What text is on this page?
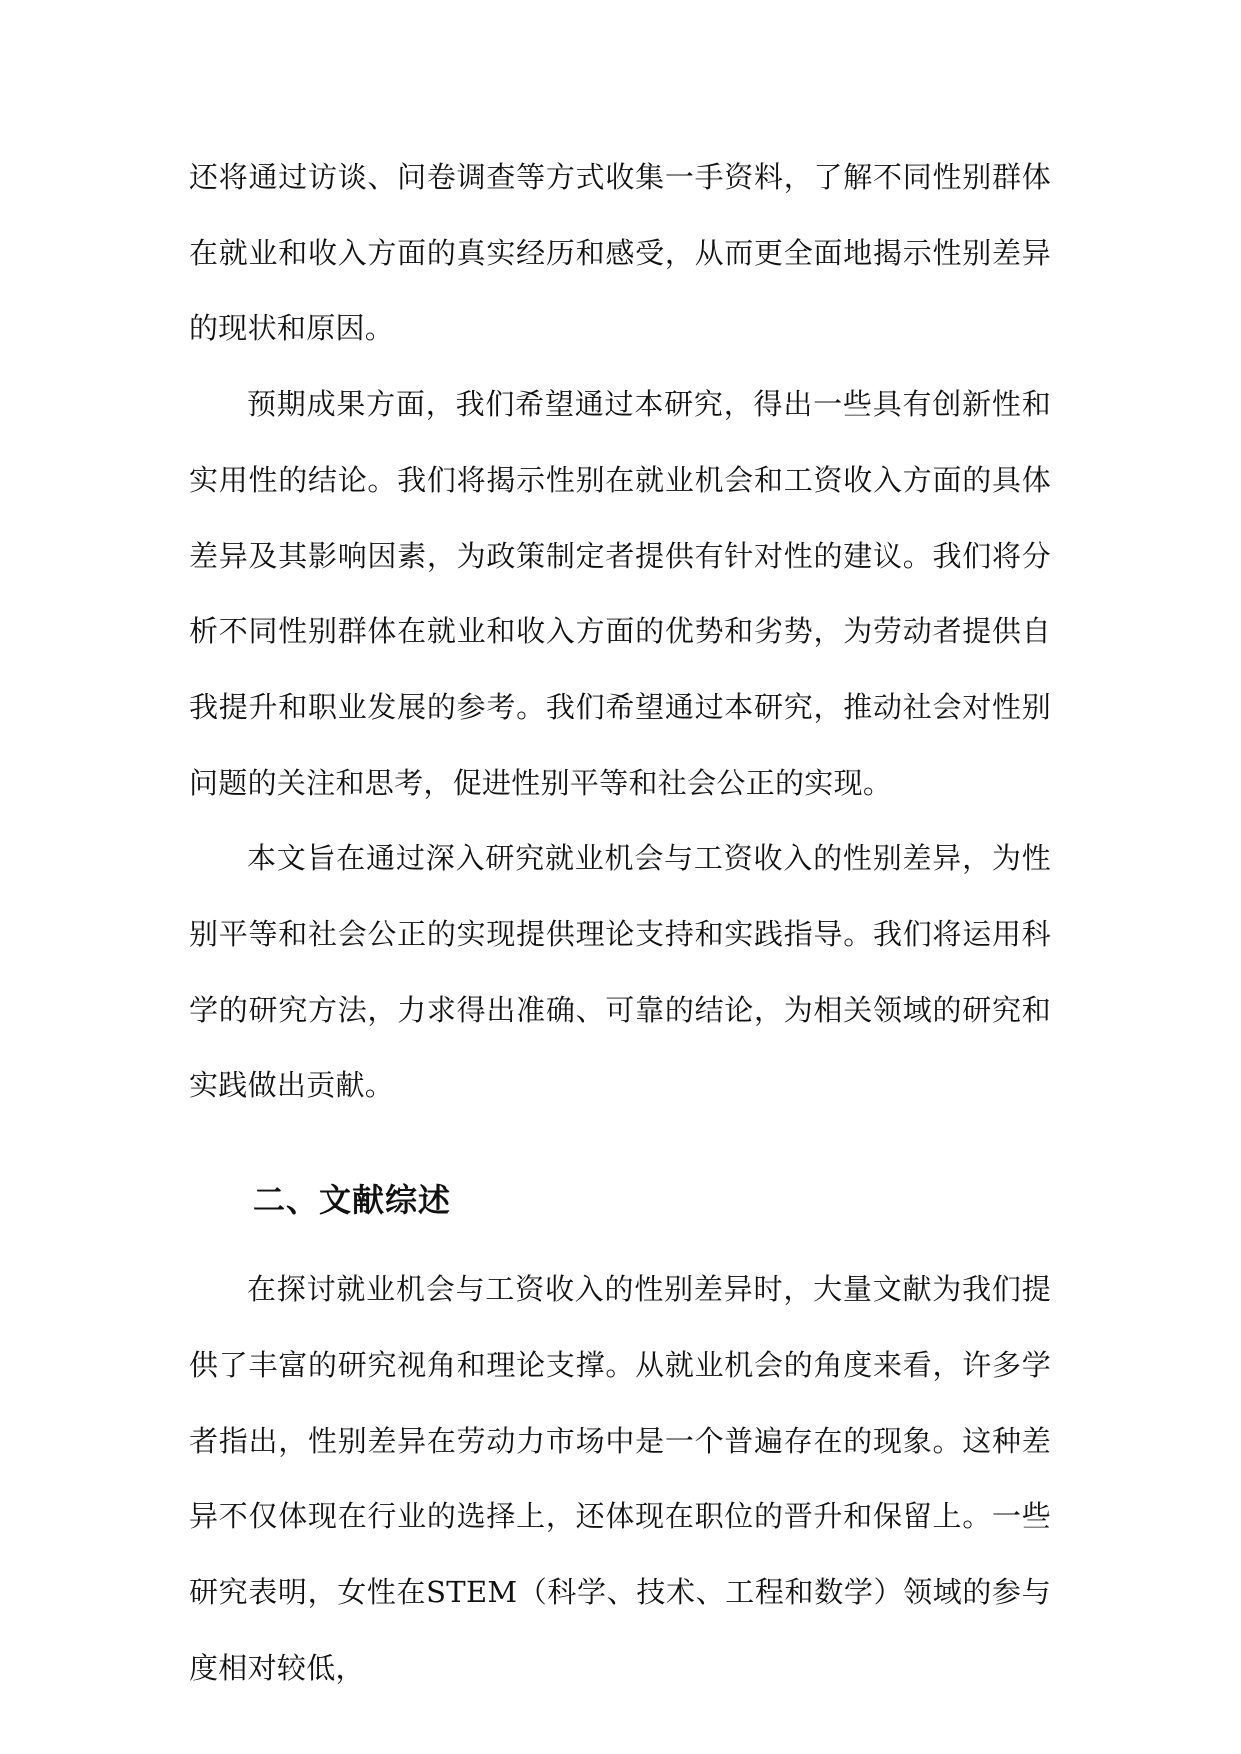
还将通过访谈、问卷调查等方式收集一手资料，了解不同性别群体在就业和收入方面的真实经历和感受，从而更全面地揭示性别差异的现状和原因。

预期成果方面，我们希望通过本研究，得出一些具有创新性和实用性的结论。我们将揭示性别在就业机会和工资收入方面的具体差异及其影响因素，为政策制定者提供有针对性的建议。我们将分析不同性别群体在就业和收入方面的优势和劣势，为劳动者提供自我提升和职业发展的参考。我们希望通过本研究，推动社会对性别问题的关注和思考，促进性别平等和社会公正的实现。

本文旨在通过深入研究就业机会与工资收入的性别差异，为性别平等和社会公正的实现提供理论支持和实践指导。我们将运用科学的研究方法，力求得出准确、可靠的结论，为相关领域的研究和实践做出贡献。

二、文献综述

在探讨就业机会与工资收入的性别差异时，大量文献为我们提供了丰富的研究视角和理论支撑。从就业机会的角度来看，许多学者指出，性别差异在劳动力市场中是一个普遍存在的现象。这种差异不仅体现在行业的选择上，还体现在职位的晋升和保留上。一些研究表明，女性在STEM（科学、技术、工程和数学）领域的参与度相对较低，
